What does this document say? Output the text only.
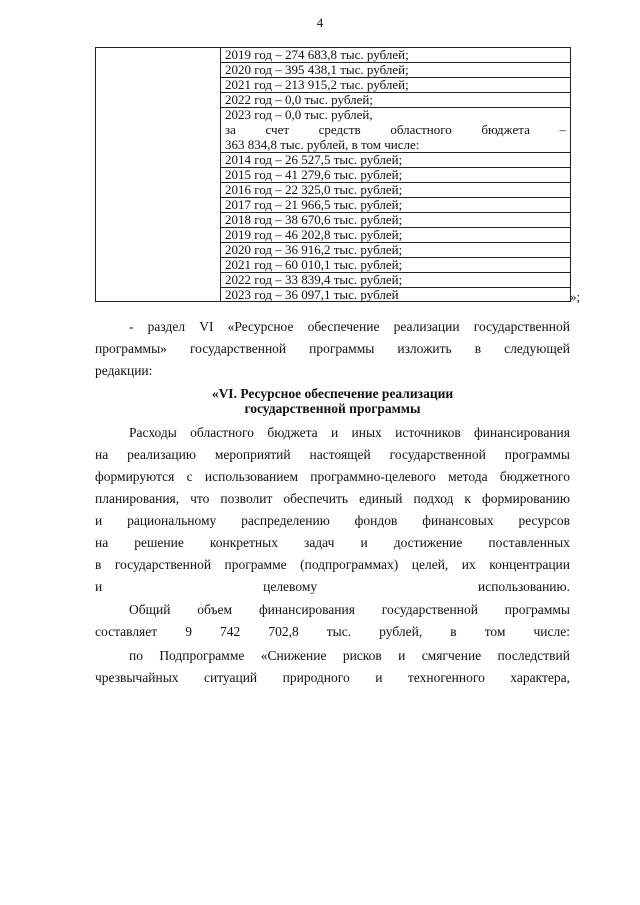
4
2019 год – 274 683,8 тыс. рублей;
2020 год – 395 438,1 тыс. рублей;
2021 год – 213 915,2 тыс. рублей;
2022 год – 0,0 тыс. рублей;
2023 год – 0,0 тыс. рублей,
за счет средств областного бюджета –
363 834,8 тыс. рублей, в том числе:
2014 год – 26 527,5 тыс. рублей;
2015 год – 41 279,6 тыс. рублей;
2016 год – 22 325,0 тыс. рублей;
2017 год – 21 966,5 тыс. рублей;
2018 год – 38 670,6 тыс. рублей;
2019 год – 46 202,8 тыс. рублей;
2020 год – 36 916,2 тыс. рублей;
2021 год – 60 010,1 тыс. рублей;
2022 год – 33 839,4 тыс. рублей;
2023 год – 36 097,1 тыс. рублей	»;
- раздел VI «Ресурсное обеспечение реализации государственной
программы» государственной программы изложить в следующей
редакции:
«VI. Ресурсное обеспечение реализации
государственной программы
Расходы областного бюджета и иных источников финансирования
на реализацию мероприятий настоящей государственной программы
формируются с использованием программно-целевого метода бюджетного
планирования, что позволит обеспечить единый подход к формированию
и рациональному распределению фондов финансовых ресурсов
на решение конкретных задач и достижение поставленных
в государственной программе (подпрограммах) целей, их концентрации
и целевому использованию.
Общий объем финансирования государственной программы
составляет 9 742 702,8 тыс. рублей, в том числе:
по Подпрограмме «Снижение рисков и смягчение последствий
чрезвычайных ситуаций природного и техногенного характера,
